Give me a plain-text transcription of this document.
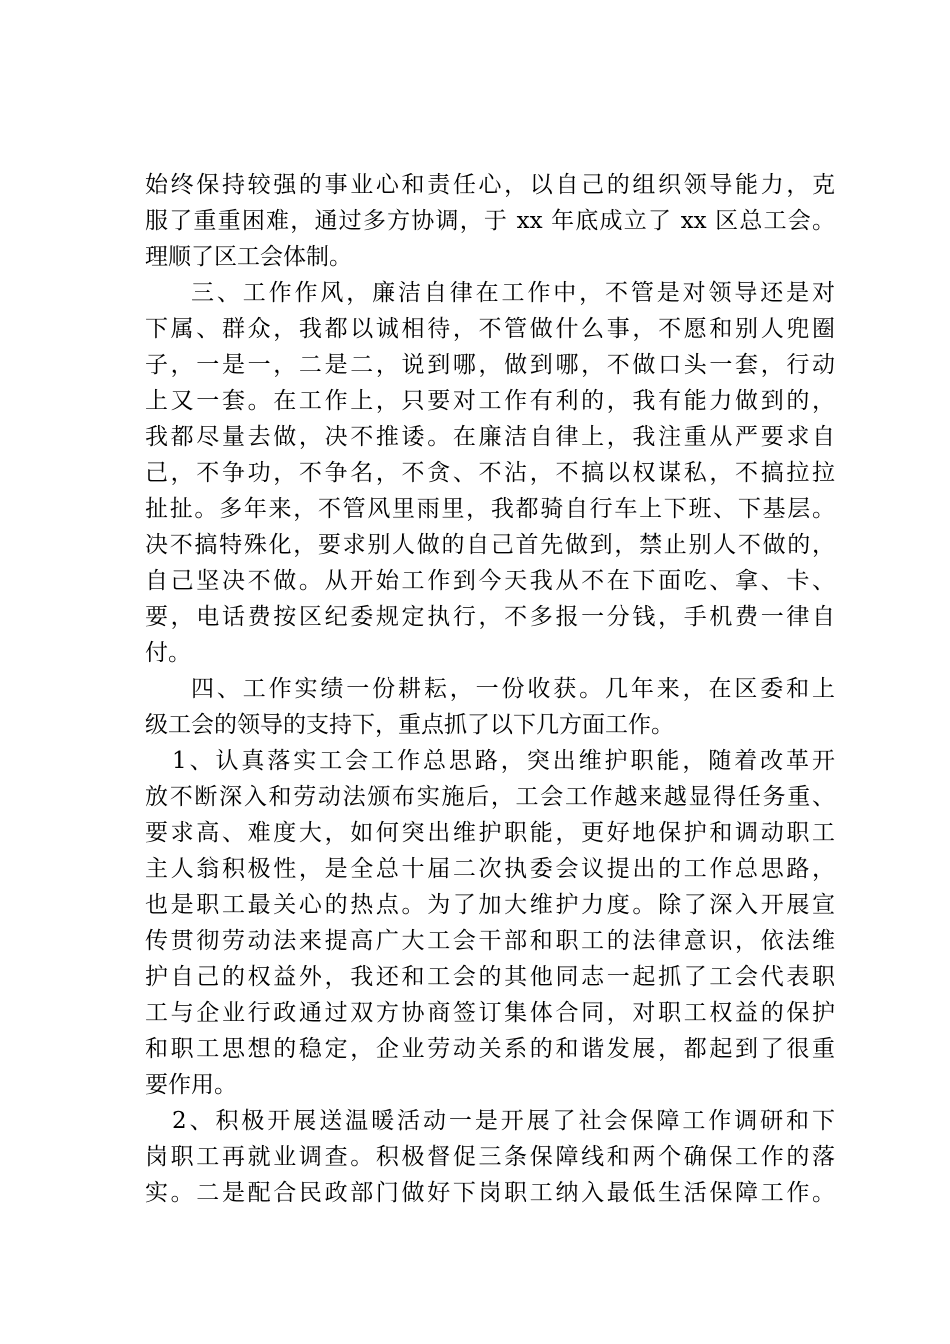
始终保持较强的事业心和责任心，以自己的组织领导能力，克
服了重重困难，通过多方协调，于 xx 年底成立了 xx 区总工会。
理顺了区工会体制。
三、工作作风，廉洁自律在工作中，不管是对领导还是对
下属、群众，我都以诚相待，不管做什么事，不愿和别人兜圈
子，一是一，二是二，说到哪，做到哪，不做口头一套，行动
上又一套。在工作上，只要对工作有利的，我有能力做到的，
我都尽量去做，决不推诿。在廉洁自律上，我注重从严要求自
己，不争功，不争名，不贪、不沾，不搞以权谋私，不搞拉拉
扯扯。多年来，不管风里雨里，我都骑自行车上下班、下基层。
决不搞特殊化，要求别人做的自己首先做到，禁止别人不做的，
自己坚决不做。从开始工作到今天我从不在下面吃、拿、卡、
要，电话费按区纪委规定执行，不多报一分钱，手机费一律自
付。
四、工作实绩一份耕耘，一份收获。几年来，在区委和上
级工会的领导的支持下，重点抓了以下几方面工作。
1、认真落实工会工作总思路，突出维护职能，随着改革开
放不断深入和劳动法颁布实施后，工会工作越来越显得任务重、
要求高、难度大，如何突出维护职能，更好地保护和调动职工
主人翁积极性，是全总十届二次执委会议提出的工作总思路，
也是职工最关心的热点。为了加大维护力度。除了深入开展宣
传贯彻劳动法来提高广大工会干部和职工的法律意识，依法维
护自己的权益外，我还和工会的其他同志一起抓了工会代表职
工与企业行政通过双方协商签订集体合同，对职工权益的保护
和职工思想的稳定，企业劳动关系的和谐发展，都起到了很重
要作用。
2、积极开展送温暖活动一是开展了社会保障工作调研和下
岗职工再就业调查。积极督促三条保障线和两个确保工作的落
实。二是配合民政部门做好下岗职工纳入最低生活保障工作。
